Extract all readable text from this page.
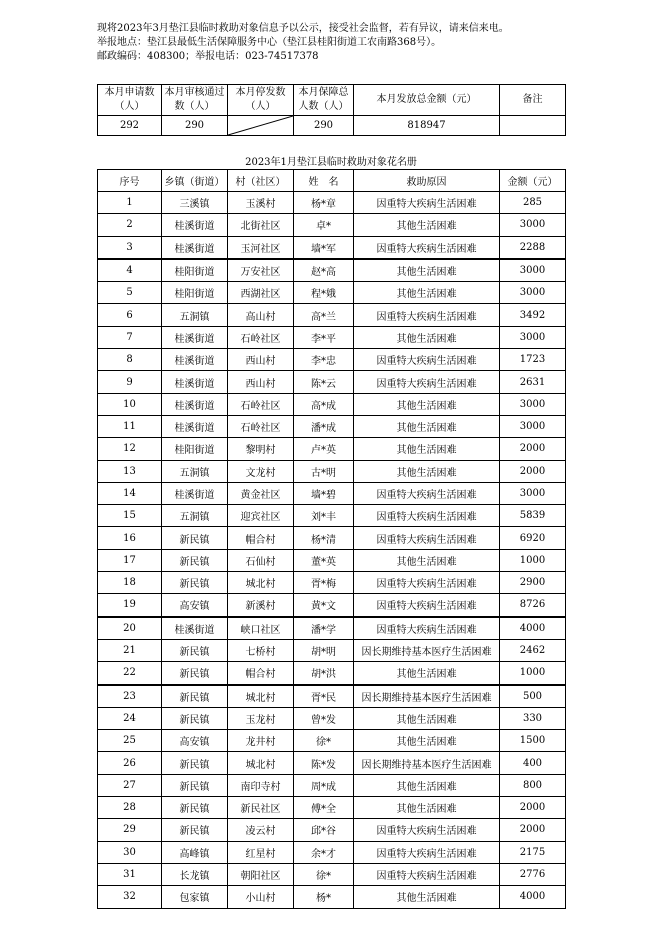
现将2023年3月垫江县临时救助对象信息予以公示，接受社会监督，若有异议，请来信来电。
举报地点：垫江县最低生活保障服务中心（垫江县桂阳街道工农南路368号）。
邮政编码：408300；举报电话：023-74517378
本月申请数（人）	本月审核通过数（人）	本月停发数（人）	本月保障总人数（人）	本月发放总金额（元）	备注
292	290		290	818947	
2023年1月垫江县临时救助对象花名册
序号	乡镇（街道）	村（社区）	姓　名	救助原因	金额（元）
1	三溪镇	玉溪村	杨*章	因重特大疾病生活困难	285
2	桂溪街道	北街社区	卓*	其他生活困难	3000
3	桂溪街道	玉河社区	墙*军	因重特大疾病生活困难	2288
4	桂阳街道	万安社区	赵*高	其他生活困难	3000
5	桂阳街道	西湖社区	程*娥	其他生活困难	3000
6	五洞镇	高山村	高*兰	因重特大疾病生活困难	3492
7	桂溪街道	石岭社区	李*平	其他生活困难	3000
8	桂溪街道	西山村	李*忠	因重特大疾病生活困难	1723
9	桂溪街道	西山村	陈*云	因重特大疾病生活困难	2631
10	桂溪街道	石岭社区	高*成	其他生活困难	3000
11	桂溪街道	石岭社区	潘*成	其他生活困难	3000
12	桂阳街道	黎明村	卢*英	其他生活困难	2000
13	五洞镇	文龙村	古*明	其他生活困难	2000
14	桂溪街道	黄金社区	墙*碧	因重特大疾病生活困难	3000
15	五洞镇	迎宾社区	刘*丰	因重特大疾病生活困难	5839
16	新民镇	帽合村	杨*清	因重特大疾病生活困难	6920
17	新民镇	石仙村	董*英	其他生活困难	1000
18	新民镇	城北村	胥*梅	因重特大疾病生活困难	2900
19	高安镇	新溪村	黄*文	因重特大疾病生活困难	8726
20	桂溪街道	峡口社区	潘*学	因重特大疾病生活困难	4000
21	新民镇	七桥村	胡*明	因长期维持基本医疗生活困难	2462
22	新民镇	帽合村	胡*洪	其他生活困难	1000
23	新民镇	城北村	胥*民	因长期维持基本医疗生活困难	500
24	新民镇	玉龙村	曾*发	其他生活困难	330
25	高安镇	龙井村	徐*	其他生活困难	1500
26	新民镇	城北村	陈*发	因长期维持基本医疗生活困难	400
27	新民镇	南印寺村	周*成	其他生活困难	800
28	新民镇	新民社区	傅*全	其他生活困难	2000
29	新民镇	凌云村	邱*谷	因重特大疾病生活困难	2000
30	高峰镇	红星村	余*才	因重特大疾病生活困难	2175
31	长龙镇	朝阳社区	徐*	因重特大疾病生活困难	2776
32	包家镇	小山村	杨*	其他生活困难	4000
